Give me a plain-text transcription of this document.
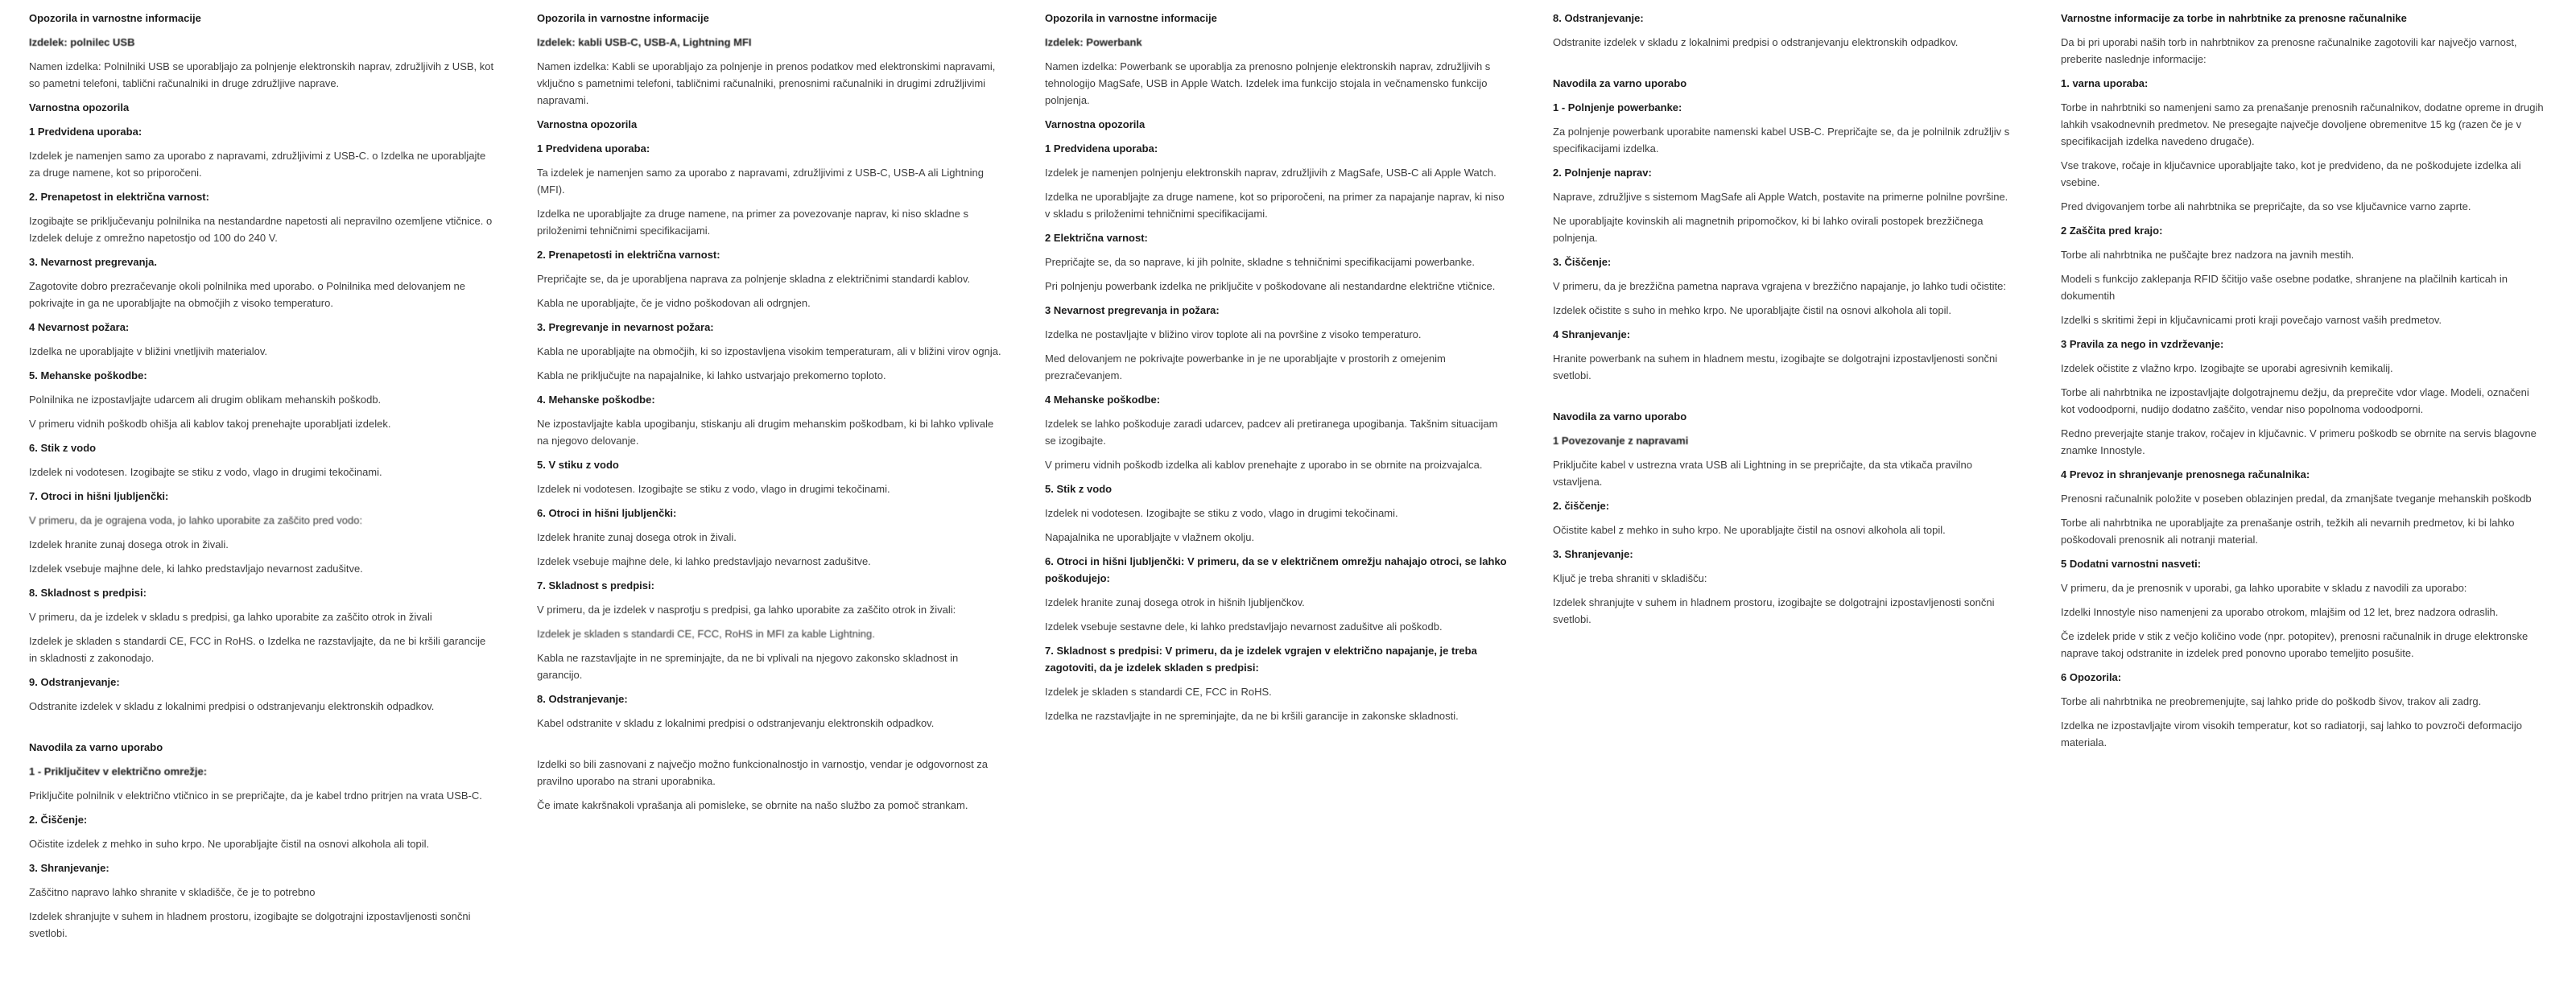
Opozorila in varnostne informacije
Izdelek: polnilec USB
Namen izdelka: Polnilniki USB se uporabljajo za polnjenje elektronskih naprav, združljivih z USB, kot so pametni telefoni, tablični računalniki in druge združljive naprave.
Varnostna opozorila
1 Predvidena uporaba:
Izdelek je namenjen samo za uporabo z napravami, združljivimi z USB-C. o Izdelka ne uporabljajte za druge namene, kot so priporočeni.
2. Prenapetost in električna varnost:
Izogibajte se priključevanju polnilnika na nestandardne napetosti ali nepravilno ozemljene vtičnice. o Izdelek deluje z omrežno napetostjo od 100 do 240 V.
3. Nevarnost pregrevanja.
Zagotovite dobro prezračevanje okoli polnilnika med uporabo. o Polnilnika med delovanjem ne pokrivajte in ga ne uporabljajte na območjih z visoko temperaturo.
4 Nevarnost požara:
Izdelka ne uporabljajte v bližini vnetljivih materialov.
5. Mehanske poškodbe:
Polnilnika ne izpostavljajte udarcem ali drugim oblikam mehanskih poškodb.
V primeru vidnih poškodb ohišja ali kablov takoj prenehajte uporabljati izdelek.
6. Stik z vodo
Izdelek ni vodotesen. Izogibajte se stiku z vodo, vlago in drugimi tekočinami.
7. Otroci in hišni ljubljenčki:
V primeru, da je ograjena voda, jo lahko uporabite za zaščito pred vodo:
Izdelek hranite zunaj dosega otrok in živali.
Izdelek vsebuje majhne dele, ki lahko predstavljajo nevarnost zadušitve.
8. Skladnost s predpisi:
V primeru, da je izdelek v skladu s predpisi, ga lahko uporabite za zaščito otrok in živali
Izdelek je skladen s standardi CE, FCC in RoHS. o Izdelka ne razstavljajte, da ne bi kršili garancije in skladnosti z zakonodajo.
9. Odstranjevanje:
Odstranite izdelek v skladu z lokalnimi predpisi o odstranjevanju elektronskih odpadkov.
Navodila za varno uporabo
1 - Priključitev v električno omrežje:
Priključite polnilnik v električno vtičnico in se prepričajte, da je kabel trdno pritrjen na vrata USB-C.
2. Čiščenje:
Očistite izdelek z mehko in suho krpo. Ne uporabljajte čistil na osnovi alkohola ali topil.
3. Shranjevanje:
Zaščitno napravo lahko shranite v skladišče, če je to potrebno
Izdelek shranjujte v suhem in hladnem prostoru, izogibajte se dolgotrajni izpostavljenosti sončni svetlobi.
Opozorila in varnostne informacije
Izdelek: kabli USB-C, USB-A, Lightning MFI
Namen izdelka: Kabli se uporabljajo za polnjenje in prenos podatkov med elektronskimi napravami, vključno s pametnimi telefoni, tabličnimi računalniki, prenosnimi računalniki in drugimi združljivimi napravami.
Varnostna opozorila
1 Predvidena uporaba:
Ta izdelek je namenjen samo za uporabo z napravami, združljivimi z USB-C, USB-A ali Lightning (MFI).
Izdelka ne uporabljajte za druge namene, na primer za povezovanje naprav, ki niso skladne s priloženimi tehničnimi specifikacijami.
2. Prenapetosti in električna varnost:
Prepričajte se, da je uporabljena naprava za polnjenje skladna z električnimi standardi kablov.
Kabla ne uporabljajte, če je vidno poškodovan ali odrgnjen.
3. Pregrevanje in nevarnost požara:
Kabla ne uporabljajte na območjih, ki so izpostavljena visokim temperaturam, ali v bližini virov ognja.
Kabla ne priključujte na napajalnike, ki lahko ustvarjajo prekomerno toploto.
4. Mehanske poškodbe:
Ne izpostavljajte kabla upogibanju, stiskanju ali drugim mehanskim poškodbam, ki bi lahko vplivale na njegovo delovanje.
5. V stiku z vodo
Izdelek ni vodotesen. Izogibajte se stiku z vodo, vlago in drugimi tekočinami.
6. Otroci in hišni ljubljenčki:
Izdelek hranite zunaj dosega otrok in živali.
Izdelek vsebuje majhne dele, ki lahko predstavljajo nevarnost zadušitve.
7. Skladnost s predpisi:
V primeru, da je izdelek v nasprotju s predpisi, ga lahko uporabite za zaščito otrok in živali:
Izdelek je skladen s standardi CE, FCC, RoHS in MFI za kable Lightning.
Kabla ne razstavljajte in ne spreminjajte, da ne bi vplivali na njegovo zakonsko skladnost in garancijo.
8. Odstranjevanje:
Kabel odstranite v skladu z lokalnimi predpisi o odstranjevanju elektronskih odpadkov.
Izdelki so bili zasnovani z največjo možno funkcionalnostjo in varnostjo, vendar je odgovornost za pravilno uporabo na strani uporabnika.
Če imate kakršnakoli vprašanja ali pomisleke, se obrnite na našo službo za pomoč strankam.
Opozorila in varnostne informacije
Izdelek: Powerbank
Namen izdelka: Powerbank se uporablja za prenosno polnjenje elektronskih naprav, združljivih s tehnologijo MagSafe, USB in Apple Watch. Izdelek ima funkcijo stojala in večnamensko funkcijo polnjenja.
Varnostna opozorila
1 Predvidena uporaba:
Izdelek je namenjen polnjenju elektronskih naprav, združljivih z MagSafe, USB-C ali Apple Watch.
Izdelka ne uporabljajte za druge namene, kot so priporočeni, na primer za napajanje naprav, ki niso v skladu s priloženimi tehničnimi specifikacijami.
2 Električna varnost:
Prepričajte se, da so naprave, ki jih polnite, skladne s tehničnimi specifikacijami powerbanke.
Pri polnjenju powerbank izdelka ne priključite v poškodovane ali nestandardne električne vtičnice.
3 Nevarnost pregrevanja in požara:
Izdelka ne postavljajte v bližino virov toplote ali na površine z visoko temperaturo.
Med delovanjem ne pokrivajte powerbanke in je ne uporabljajte v prostorih z omejenim prezračevanjem.
4 Mehanske poškodbe:
Izdelek se lahko poškoduje zaradi udarcev, padcev ali pretiranega upogibanja. Takšnim situacijam se izogibajte.
V primeru vidnih poškodb izdelka ali kablov prenehajte z uporabo in se obrnite na proizvajalca.
5. Stik z vodo
Izdelek ni vodotesen. Izogibajte se stiku z vodo, vlago in drugimi tekočinami.
Napajalnika ne uporabljajte v vlažnem okolju.
6. Otroci in hišni ljubljenčki: V primeru, da se v električnem omrežju nahajajo otroci, se lahko poškodujejo:
Izdelek hranite zunaj dosega otrok in hišnih ljubljenčkov.
Izdelek vsebuje sestavne dele, ki lahko predstavljajo nevarnost zadušitve ali poškodb.
7. Skladnost s predpisi: V primeru, da je izdelek vgrajen v električno napajanje, je treba zagotoviti, da je izdelek skladen s predpisi:
Izdelek je skladen s standardi CE, FCC in RoHS.
Izdelka ne razstavljajte in ne spreminjajte, da ne bi kršili garancije in zakonske skladnosti.
8. Odstranjevanje:
Odstranite izdelek v skladu z lokalnimi predpisi o odstranjevanju elektronskih odpadkov.
Navodila za varno uporabo
1 - Polnjenje powerbanke:
Za polnjenje powerbank uporabite namenski kabel USB-C. Prepričajte se, da je polnilnik združljiv s specifikacijami izdelka.
2. Polnjenje naprav:
Naprave, združljive s sistemom MagSafe ali Apple Watch, postavite na primerne polnilne površine.
Ne uporabljajte kovinskih ali magnetnih pripomočkov, ki bi lahko ovirali postopek brezžičnega polnjenja.
3. Čiščenje:
V primeru, da je brezžična pametna naprava vgrajena v brezžično napajanje, jo lahko tudi očistite:
Izdelek očistite s suho in mehko krpo. Ne uporabljajte čistil na osnovi alkohola ali topil.
4 Shranjevanje:
Hranite powerbank na suhem in hladnem mestu, izogibajte se dolgotrajni izpostavljenosti sončni svetlobi.
Navodila za varno uporabo
1 Povezovanje z napravami
Priključite kabel v ustrezna vrata USB ali Lightning in se prepričajte, da sta vtikača pravilno vstavljena.
2. čiščenje:
Očistite kabel z mehko in suho krpo. Ne uporabljajte čistil na osnovi alkohola ali topil.
3. Shranjevanje:
Ključ je treba shraniti v skladišču:
Izdelek shranjujte v suhem in hladnem prostoru, izogibajte se dolgotrajni izpostavljenosti sončni svetlobi.
Varnostne informacije za torbe in nahrbtnike za prenosne računalnike
Da bi pri uporabi naših torb in nahrbtnikov za prenosne računalnike zagotovili kar največjo varnost, preberite naslednje informacije:
1. varna uporaba:
Torbe in nahrbtniki so namenjeni samo za prenašanje prenosnih računalnikov, dodatne opreme in drugih lahkih vsakodnevnih predmetov. Ne presegajte največje dovoljene obremenitve 15 kg (razen če je v specifikacijah izdelka navedeno drugače).
Vse trakove, ročaje in ključavnice uporabljajte tako, kot je predvideno, da ne poškodujete izdelka ali vsebine.
Pred dvigovanjem torbe ali nahrbtnika se prepričajte, da so vse ključavnice varno zaprte.
2 Zaščita pred krajo:
Torbe ali nahrbtnika ne puščajte brez nadzora na javnih mestih.
Modeli s funkcijo zaklepanja RFID ščitijo vaše osebne podatke, shranjene na plačilnih karticah in dokumentih
Izdelki s skritimi žepi in ključavnicami proti kraji povečajo varnost vaših predmetov.
3 Pravila za nego in vzdrževanje:
Izdelek očistite z vlažno krpo. Izogibajte se uporabi agresivnih kemikalij.
Torbe ali nahrbtnika ne izpostavljajte dolgotrajnemu dežju, da preprečite vdor vlage. Modeli, označeni kot vodoodporni, nudijo dodatno zaščito, vendar niso popolnoma vodoodporni.
Redno preverjajte stanje trakov, ročajev in ključavnic. V primeru poškodb se obrnite na servis blagovne znamke Innostyle.
4 Prevoz in shranjevanje prenosnega računalnika:
Prenosni računalnik položite v poseben oblazinjen predal, da zmanjšate tveganje mehanskih poškodb
Torbe ali nahrbtnika ne uporabljajte za prenašanje ostrih, težkih ali nevarnih predmetov, ki bi lahko poškodovali prenosnik ali notranji material.
5 Dodatni varnostni nasveti:
V primeru, da je prenosnik v uporabi, ga lahko uporabite v skladu z navodili za uporabo:
Izdelki Innostyle niso namenjeni za uporabo otrokom, mlajšim od 12 let, brez nadzora odraslih.
Če izdelek pride v stik z večjo količino vode (npr. potopitev), prenosni računalnik in druge elektronske naprave takoj odstranite in izdelek pred ponovno uporabo temeljito posušite.
6 Opozorila:
Torbe ali nahrbtnika ne preobremenjujte, saj lahko pride do poškodb šivov, trakov ali zadrg.
Izdelka ne izpostavljajte virom visokih temperatur, kot so radiatorji, saj lahko to povzroči deformacijo materiala.
